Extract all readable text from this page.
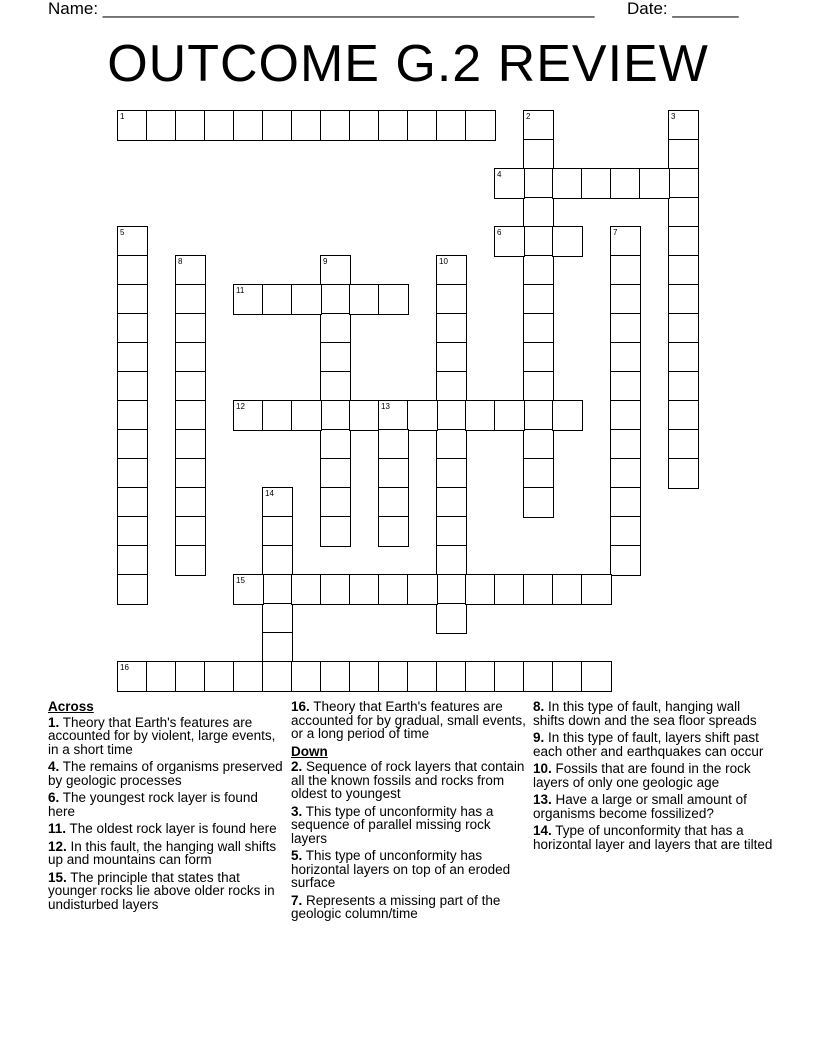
Name: ____________________________________________________ Date: _______
OUTCOME G.2 REVIEW
1	2	3
4
5	6	7
8	9	10
11
12	13
14
15
16

Across

1. Theory that Earth's features are accounted for by violent, large events, in a short time

4. The remains of organisms preserved by geologic processes

6. The youngest rock layer is found here

11. The oldest rock layer is found here

12. In this fault, the hanging wall shifts up and mountains can form

15. The principle that states that younger rocks lie above older rocks in undisturbed layers

16. Theory that Earth's features are accounted for by gradual, small events, or a long period of time

Down

2. Sequence of rock layers that contain all the known fossils and rocks from oldest to youngest

3. This type of unconformity has a sequence of parallel missing rock layers

5. This type of unconformity has horizontal layers on top of an eroded surface

7. Represents a missing part of the geologic column/time

8. In this type of fault, hanging wall shifts down and the sea floor spreads

9. In this type of fault, layers shift past each other and earthquakes can occur

10. Fossils that are found in the rock layers of only one geologic age

13. Have a large or small amount of organisms become fossilized?

14. Type of unconformity that has a horizontal layer and layers that are tilted
